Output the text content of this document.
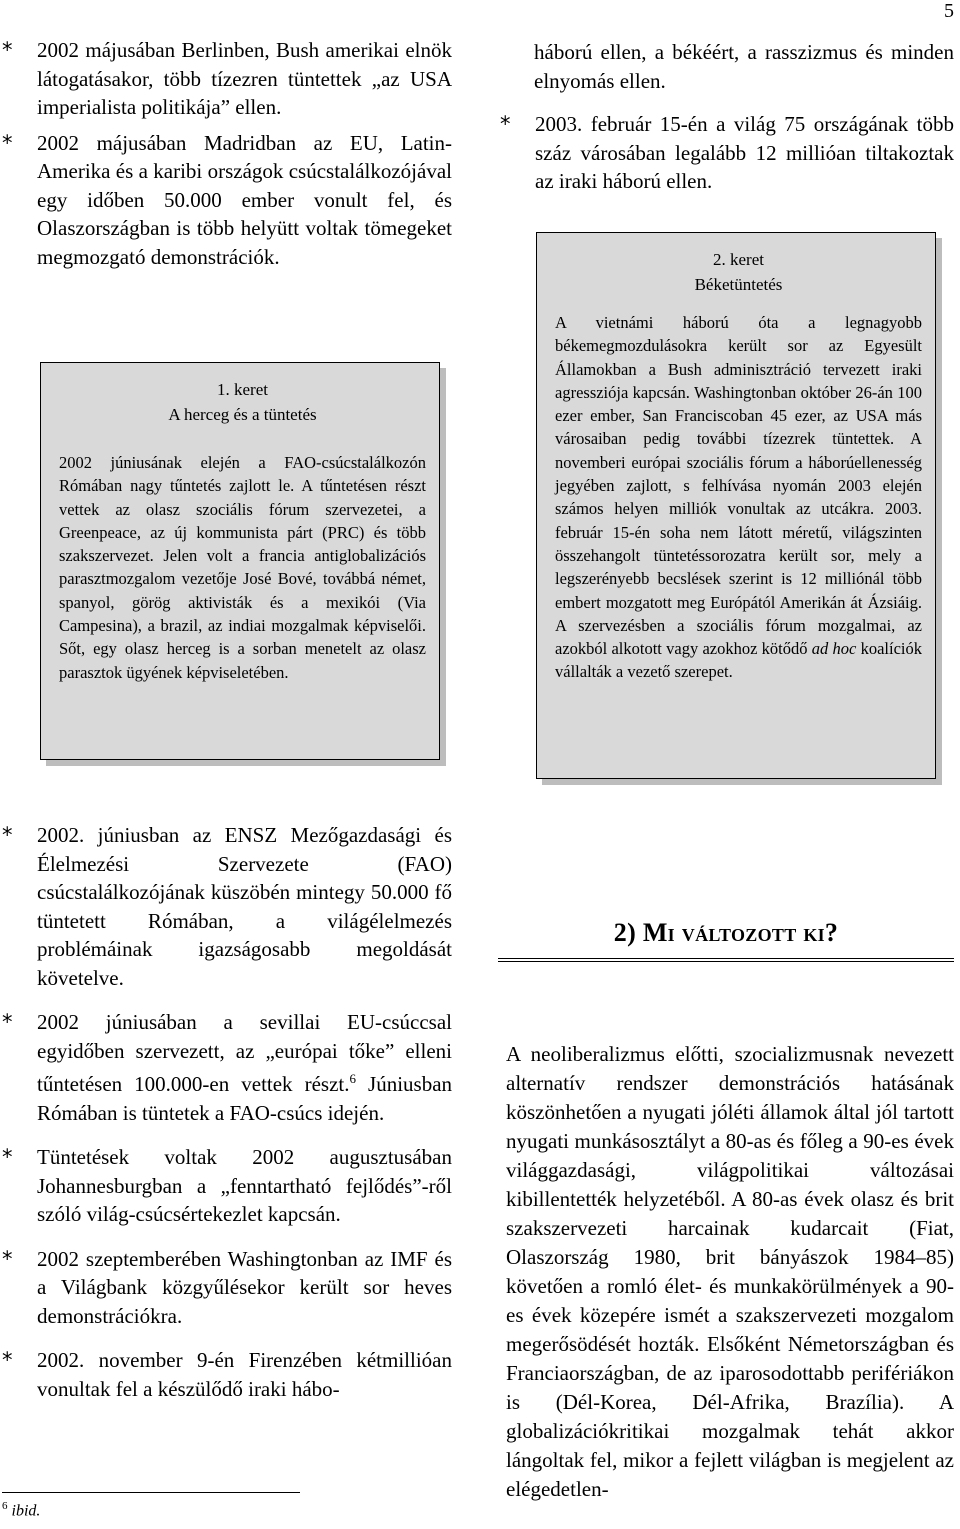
5
*	2002 májusában Berlinben, Bush amerikai elnök látogatásakor, több tízezren tüntettek „az USA imperialista politikája” ellen.

*	2002 májusában Madridban az EU, Latin-Amerika és a karibi országok csúcstalálkozójával egy időben 50.000 ember vonult fel, és Olaszországban is több helyütt voltak tömegeket megmozgató demonstrációk.

1. keret
A herceg és a tüntetés

2002 júniusának elején a FAO-csúcstalálkozón Rómában nagy tűntetés zajlott le. A tűntetésen részt vettek az olasz szociális fórum szervezetei, a Greenpeace, az új kommunista párt (PRC) és több szakszervezet. Jelen volt a francia antiglobalizációs parasztmozgalom vezetője José Bové, továbbá német, spanyol, görög aktivisták és a mexikói (Via Campesina), a brazil, az indiai mozgalmak képviselői. Sőt, egy olasz herceg is a sorban menetelt az olasz parasztok ügyének képviseletében.

háború ellen, a békéért, a rasszizmus és minden elnyomás ellen.

*	2003. február 15-én a világ 75 országának több száz városában legalább 12 millióan tiltakoztak az iraki háború ellen.

2. keret
Béketüntetés

A vietnámi háború óta a legnagyobb békemegmozdulásokra került sor az Egyesült Államokban a Bush adminisztráció tervezett iraki agressziója kapcsán. Washingtonban október 26-án 100 ezer ember, San Franciscoban 45 ezer, az USA más városaiban pedig további tízezrek tüntettek. A novemberi európai szociális fórum a háborúellenesség jegyében zajlott, s felhívása nyomán 2003 elején számos helyen milliók vonultak az utcákra. 2003. február 15-én soha nem látott méretű, világszinten összehangolt tüntetéssorozatra került sor, mely a legszerényebb becslések szerint is 12 milliónál több embert mozgatott meg Európától Amerikán át Ázsiáig. A szervezésben a szociális fórum mozgalmai, az azokból alkotott vagy azokhoz kötődő ad hoc koalíciók vállalták a vezető szerepet.

*	2002. júniusban az ENSZ Mezőgazdasági és Élelmezési Szervezete (FAO) csúcstalálkozójának küszöbén mintegy 50.000 fő tüntetett Rómában, a világélelmezés problémáinak igazságosabb megoldását követelve.

*	2002 júniusában a sevillai EU-csúccsal egyidőben szervezett, az „európai tőke” elleni tűntetésen 100.000-en vettek részt.$^6$ Júniusban Rómában is tüntetek a FAO-csúcs idején.

*	Tüntetések voltak 2002 augusztusában Johannesburgban a „fenntartható fejlődés”-ről szóló világ-csúcsértekezlet kapcsán.

*	2002 szeptemberében Washingtonban az IMF és a Világbank közgyűlésekor került sor heves demonstrációkra.

*	2002. november 9-én Firenzében kétmillióan vonultak fel a készülődő iraki hábo-

$^6$ ibid.
2) Mi változott ki?

A neoliberalizmus előtti, szocializmusnak nevezett alternatív rendszer demonstrációs hatásának köszönhetően a nyugati jóléti államok által jól tartott nyugati munkásosztályt a 80-as és főleg a 90-es évek világgazdasági, világpolitikai változásai kibillentették helyzetéből. A 80-as évek olasz és brit szakszervezeti harcainak kudarcait (Fiat, Olaszország 1980, brit bányászok 1984–85) követően a romló élet- és munkakörülmények a 90-es évek közepére ismét a szakszervezeti mozgalom megerősödését hozták. Elsőként Németországban és Franciaországban, de az iparosodottabb perifériákon is (Dél-Korea, Dél-Afrika, Brazília). A globalizációkritikai mozgalmak tehát akkor lángoltak fel, mikor a fejlett világban is megjelent az elégedetlen-
